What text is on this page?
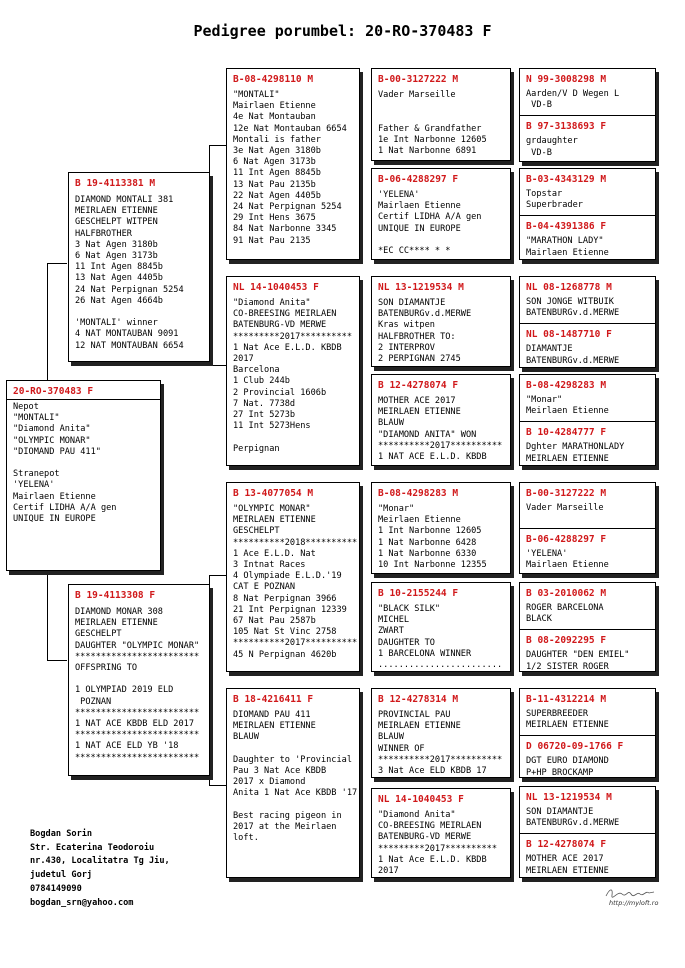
Pedigree porumbel: 20-RO-370483 F
20-RO-370483 F
Nepot
"MONTALI"
"Diamond Anita"
"OLYMPIC MONAR"
"DIOMAND PAU 411"

Stranepot
'YELENA'
Mairlaen Etienne
Certif LIDHA A/A gen
UNIQUE IN EUROPE
B 19-4113381 M
DIAMOND MONTALI 381
MEIRLAEN ETIENNE
GESCHELPT WITPEN
HALFBROTHER
3 Nat Agen 3180b
6 Nat Agen 3173b
11 Int Agen 8845b
13 Nat Agen 4405b
24 Nat Perpignan 5254
26 Nat Agen 4664b

'MONTALI' winner
4 NAT MONTAUBAN 9091
12 NAT MONTAUBAN 6654
B 19-4113308 F
DIAMOND MONAR 308
MEIRLAEN ETIENNE
GESCHELPT
DAUGHTER "OLYMPIC MONAR"
************************
OFFSPRING TO

1 OLYMPIAD 2019 ELD
POZNAN
************************
1 NAT ACE KBDB ELD 2017
************************
1 NAT ACE ELD YB '18
************************
B-08-4298110 M
"MONTALI"
Mairlaen Etienne
4e Nat Montauban
12e Nat Montauban 6654
Montali is father
3e Nat Agen 3180b
6 Nat Agen 3173b
11 Int Agen 8845b
13 Nat Pau 2135b
22 Nat Agen 4405b
24 Nat Perpignan 5254
29 Int Hens 3675
84 Nat Narbonne 3345
91 Nat Pau 2135
NL 14-1040453 F
"Diamond Anita"
CO-BREESING MEIRLAEN
BATENBURG-VD MERWE
*********2017**********
1 Nat Ace E.L.D. KBDB
2017
Barcelona
1 Club 244b
2 Provincial 1606b
7 Nat. 7738d
27 Int 5273b
11 Int 5273Hens

Perpignan
B 13-4077054 M
"OLYMPIC MONAR"
MEIRLAEN ETIENNE
GESCHELPT
**********2018**********
1 Ace E.L.D. Nat
3 Intnat Races
4 Olympiade E.L.D.'19
CAT E POZNAN
8 Nat Perpignan 3966
21 Int Perpignan 12339
67 Nat Pau 2587b
105 Nat St Vinc 2758
**********2017**********
45 N Perpignan 4620b
B 18-4216411 F
DIOMAND PAU 411
MEIRLAEN ETIENNE
BLAUW

Daughter to 'Provincial
Pau 3 Nat Ace KBDB
2017 x Diamond
Anita 1 Nat Ace KBDB '17

Best racing pigeon in
2017 at the Meirlaen
loft.
B-00-3127222 M
Vader Marseille

Father & Grandfather
1e Int Narbonne 12605
1 Nat Narbonne 6891
B-06-4288297 F
'YELENA'
Mairlaen Etienne
Certif LIDHA A/A gen
UNIQUE IN EUROPE

*EC CC**** * *
NL 13-1219534 M
SON DIAMANTJE
BATENBURGv.d.MERWE
Kras witpen
HALFBROTHER TO:
2 INTERPROV
2 PERPIGNAN 2745
B 12-4278074 F
MOTHER ACE 2017
MEIRLAEN ETIENNE
BLAUW
"DIAMOND ANITA" WON
**********2017**********
1 NAT ACE E.L.D. KBDB
B-08-4298283 M
"Monar"
Meirlaen Etienne
1 Int Narbonne 12605
1 Nat Narbonne 6428
1 Nat Narbonne 6330
10 Int Narbonne 12355
B 10-2155244 F
"BLACK SILK"
MICHEL
ZWART
DAUGHTER TO
1 BARCELONA WINNER
........................
B 12-4278314 M
PROVINCIAL PAU
MEIRLAEN ETIENNE
BLAUW
WINNER OF
**********2017**********
3 Nat Ace ELD KBDB 17
NL 14-1040453 F
"Diamond Anita"
CO-BREESING MEIRLAEN
BATENBURG-VD MERWE
*********2017**********
1 Nat Ace E.L.D. KBDB
2017
N 99-3008298 M
Aarden/V D Wegen L
VD-B
B 97-3138693 F
grdaughter
VD-B
B-03-4343129 M
Topstar
Superbrader
B-04-4391386 F
"MARATHON LADY"
Mairlaen Etienne
NL 08-1268778 M
SON JONGE WITBUIK
BATENBURGv.d.MERWE
NL 08-1487710 F
DIAMANTJE
BATENBURGv.d.MERWE
B-08-4298283 M
"Monar"
Meirlaen Etienne
B 10-4284777 F
Dghter MARATHONLADY
MEIRLAEN ETIENNE
B-00-3127222 M
Vader Marseille
B-06-4288297 F
'YELENA'
Mairlaen Etienne
B 03-2010062 M
ROGER BARCELONA
BLACK
B 08-2092295 F
DAUGHTER "DEN EMIEL"
1/2 SISTER ROGER
B-11-4312214 M
SUPERBREEDER
MEIRLAEN ETIENNE
D 06720-09-1766 F
DGT EURO DIAMOND
P+HP BROCKAMP
NL 13-1219534 M
SON DIAMANTJE
BATENBURGv.d.MERWE
B 12-4278074 F
MOTHER ACE 2017
MEIRLAEN ETIENNE
Bogdan Sorin
Str. Ecaterina Teodoroiu
nr.430, Localitatra Tg Jiu,
judetul Gorj
0784149090
bogdan_srn@yahoo.com	http://myloft.ro
